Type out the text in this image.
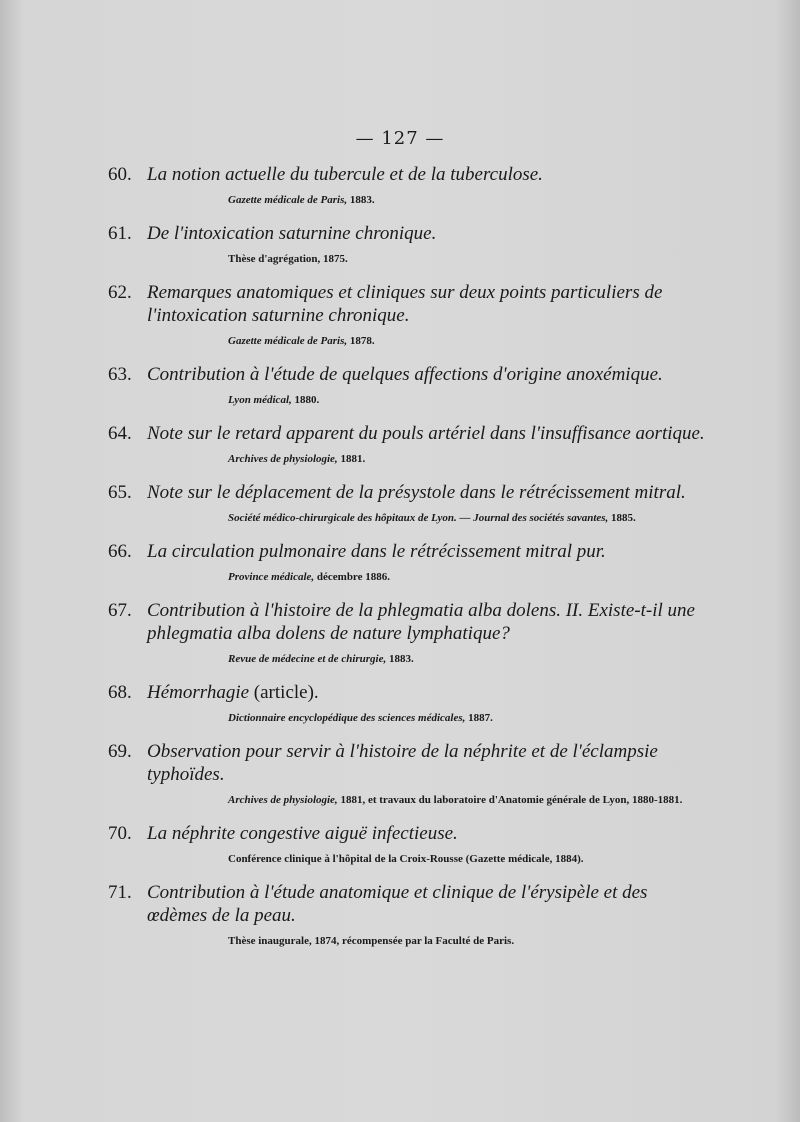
— 127 —
60. La notion actuelle du tubercule et de la tuberculose.
Gazette médicale de Paris, 1883.
61. De l'intoxication saturnine chronique.
Thèse d'agrégation, 1875.
62. Remarques anatomiques et cliniques sur deux points particuliers de l'intoxication saturnine chronique.
Gazette médicale de Paris, 1878.
63. Contribution à l'étude de quelques affections d'origine anoxémique.
Lyon médical, 1880.
64. Note sur le retard apparent du pouls artériel dans l'insuffisance aortique.
Archives de physiologie, 1881.
65. Note sur le déplacement de la présystole dans le rétrécissement mitral.
Société médico-chirurgicale des hôpitaux de Lyon. — Journal des sociétés savantes, 1885.
66. La circulation pulmonaire dans le rétrécissement mitral pur.
Province médicale, décembre 1886.
67. Contribution à l'histoire de la phlegmatia alba dolens. II. Existe-t-il une phlegmatia alba dolens de nature lymphatique?
Revue de médecine et de chirurgie, 1883.
68. Hémorrhagie (article).
Dictionnaire encyclopédique des sciences médicales, 1887.
69. Observation pour servir à l'histoire de la néphrite et de l'éclampsie typhoïdes.
Archives de physiologie, 1881, et travaux du laboratoire d'Anatomie générale de Lyon, 1880-1881.
70. La néphrite congestive aiguë infectieuse.
Conférence clinique à l'hôpital de la Croix-Rousse (Gazette médicale, 1884).
71. Contribution à l'étude anatomique et clinique de l'érysipèle et des œdèmes de la peau.
Thèse inaugurale, 1874, récompensée par la Faculté de Paris.
